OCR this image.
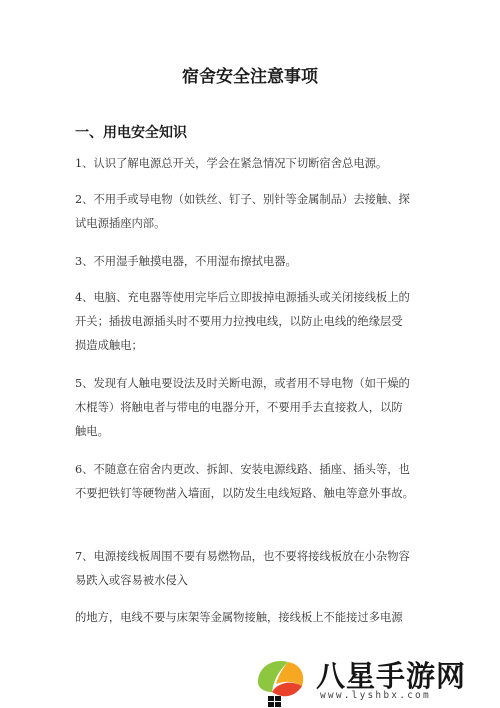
宿舍安全注意事项
一、用电安全知识
1、认识了解电源总开关，学会在紧急情况下切断宿舍总电源。
2、不用手或导电物（如铁丝、钉子、别针等金属制品）去接触、探
试电源插座内部。
3、不用湿手触摸电器，不用湿布擦拭电器。
4、电脑、充电器等使用完毕后立即拔掉电源插头或关闭接线板上的
开关；插拔电源插头时不要用力拉拽电线，以防止电线的绝缘层受
损造成触电；
5、发现有人触电要设法及时关断电源，或者用不导电物（如干燥的
木棍等）将触电者与带电的电器分开，不要用手去直接救人，以防
触电。
6、不随意在宿舍内更改、拆卸、安装电源线路、插座、插头等，也
不要把铁钉等硬物凿入墙面，以防发生电线短路、触电等意外事故。
7、电源接线板周围不要有易燃物品，也不要将接线板放在小杂物容
易跌入或容易被水侵入
的地方，电线不要与床架等金属物接触，接线板上不能接过多电源
八星手游网
www.lyshbx.com
